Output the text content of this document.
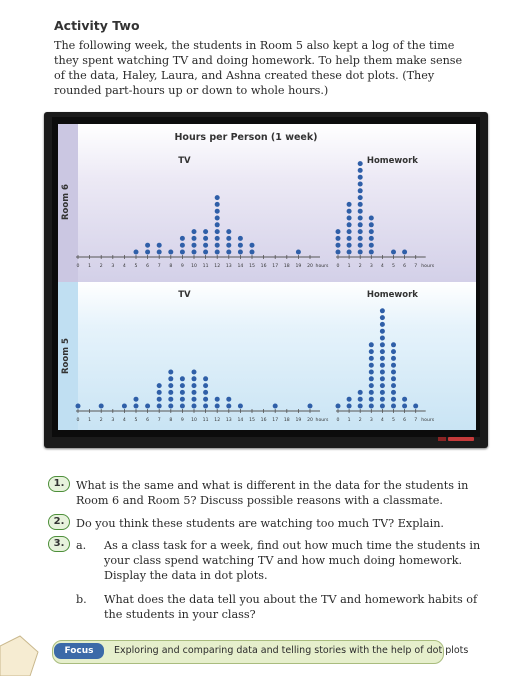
Activity Two
The following week, the students in Room 5 also kept a log of the time they spent watching TV and doing homework. To help them make sense of the data, Haley, Laura, and Ashna created these dot plots. (They rounded part-hours up or down to whole hours.)
Hours per Person (1 week)
Room 6
TV	Homework
0 1 2 3 4 5 6 7 8 9 10 11 12 13 14 15 16 17 18 19 20 hours 0 1 2 3 4 5 6 7 hours
Room 5
TV	Homework
0 1 2 3 4 5 6 7 8 9 10 11 12 13 14 15 16 17 18 19 20 hours 0 1 2 3 4 5 6 7 hours
1.	What is the same and what is different in the data for the students in Room 6 and Room 5? Discuss possible reasons with a classmate.
2.	Do you think these students are watching too much TV? Explain.
3.	a. As a class task for a week, find out how much time the students in your class spend watching TV and how much doing homework. Display the data in dot plots.
b. What does the data tell you about the TV and homework habits of the students in your class?
Focus	Exploring and comparing data and telling stories with the help of dot plots
